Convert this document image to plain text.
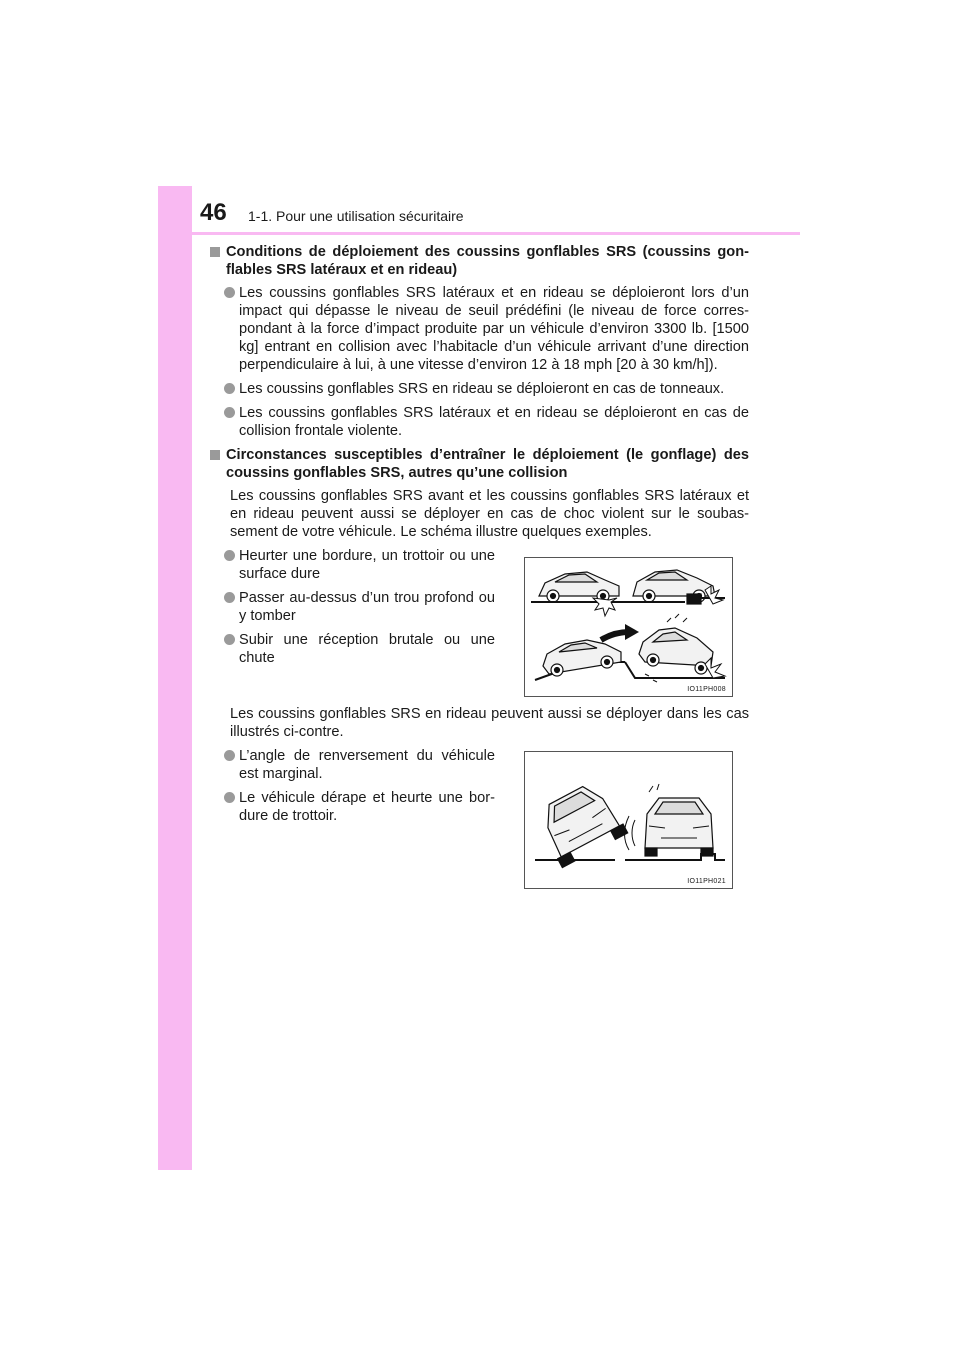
46 1-1. Pour une utilisation sécuritaire
Conditions de déploiement des coussins gonflables SRS (coussins gon- flables SRS latéraux et en rideau)
Les coussins gonflables SRS latéraux et en rideau se déploieront lors d’un impact qui dépasse le niveau de seuil prédéfini (le niveau de force corres- pondant à la force d’impact produite par un véhicule d’environ 3300 lb. [1500 kg] entrant en collision avec l’habitacle d’un véhicule arrivant d’une direction perpendiculaire à lui, à une vitesse d’environ 12 à 18 mph [20 à 30 km/h]).
Les coussins gonflables SRS en rideau se déploieront en cas de tonneaux.
Les coussins gonflables SRS latéraux et en rideau se déploieront en cas de collision frontale violente.
Circonstances susceptibles d’entraîner le déploiement (le gonflage) des coussins gonflables SRS, autres qu’une collision
Les coussins gonflables SRS avant et les coussins gonflables SRS latéraux et en rideau peuvent aussi se déployer en cas de choc violent sur le soubas- sement de votre véhicule. Le schéma illustre quelques exemples.
Heurter une bordure, un trottoir ou une surface dure
Passer au-dessus d’un trou profond ou y tomber
Subir une réception brutale ou une chute
IO11PH008
Les coussins gonflables SRS en rideau peuvent aussi se déployer dans les cas illustrés ci-contre.
L’angle de renversement du véhicule est marginal.
Le véhicule dérape et heurte une bor- dure de trottoir.
IO11PH021
